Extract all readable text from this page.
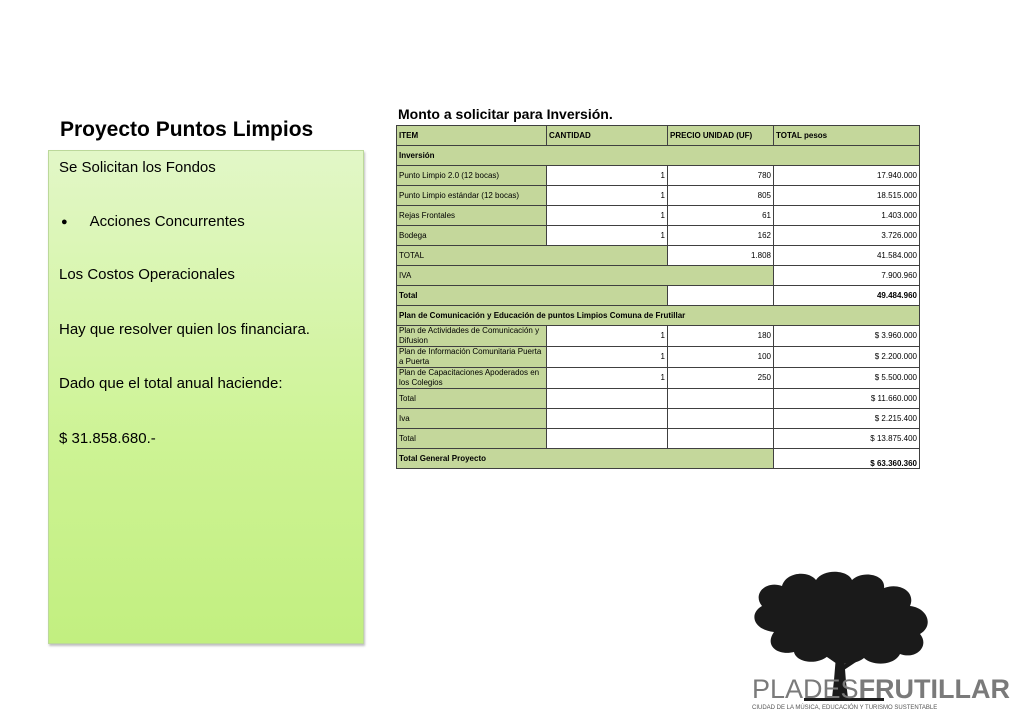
Proyecto Puntos Limpios
Se Solicitan los Fondos
● Acciones Concurrentes
Los Costos Operacionales
Hay que resolver quien los financiara.
Dado que el total anual haciende:
$ 31.858.680.-
Monto a solicitar para Inversión.
ITEM	CANTIDAD	PRECIO UNIDAD (UF)	TOTAL pesos
Inversión			
Punto Limpio 2.0 (12 bocas)	1	780	17.940.000
Punto Limpio estándar (12 bocas)	1	805	18.515.000
Rejas Frontales	1	61	1.403.000
Bodega	1	162	3.726.000
TOTAL		1.808	41.584.000
IVA			7.900.960
Total			49.484.960
Plan de Comunicación y Educación de puntos Limpios Comuna de Frutillar			
Plan de Actividades de Comunicación y Difusion	1	180	$ 3.960.000
Plan de Información Comunitaria Puerta a Puerta	1	100	$ 2.200.000
Plan de Capacitaciones Apoderados en los Colegios	1	250	$ 5.500.000
Total			$ 11.660.000
Iva			$ 2.215.400
Total			$ 13.875.400
Total General Proyecto			$ 63.360.360
PLADESFRUTILLAR
CIUDAD DE LA MÚSICA, EDUCACIÓN Y TURISMO SUSTENTABLE
